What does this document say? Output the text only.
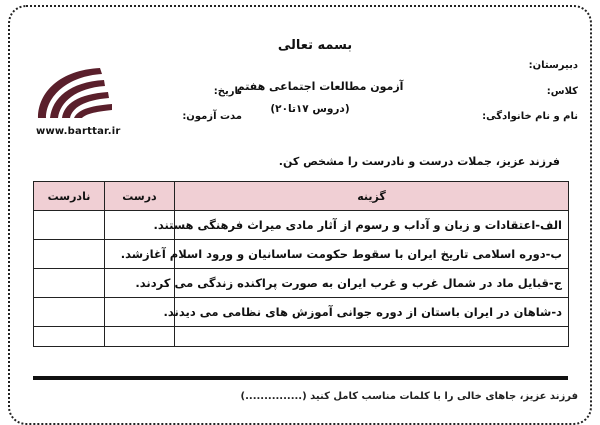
بسمه تعالی
آزمون مطالعات اجتماعی هفتم
(دروس ۱۷تا۲۰)
دبیرستان:
کلاس:
نام و نام خانوادگی:
تاریخ:
مدت آزمون:
www.barttar.ir
فرزند عزیز، جملات درست و نادرست را مشخص کن.
گزینه	درست	نادرست
الف-اعتقادات و زبان و آداب و رسوم از آثار مادی میراث فرهنگی هستند.		
ب-دوره اسلامی تاریخ ایران با سقوط حکومت ساسانیان و ورود اسلام آغازشد.		
ج-قبایل ماد در شمال غرب و غرب ایران به صورت پراکنده زندگی می کردند.		
د-شاهان در ایران باستان از دوره جوانی آموزش های نظامی می دیدند.		

فرزند عزیز، جاهای خالی را با کلمات مناسب کامل کنید (...............)
